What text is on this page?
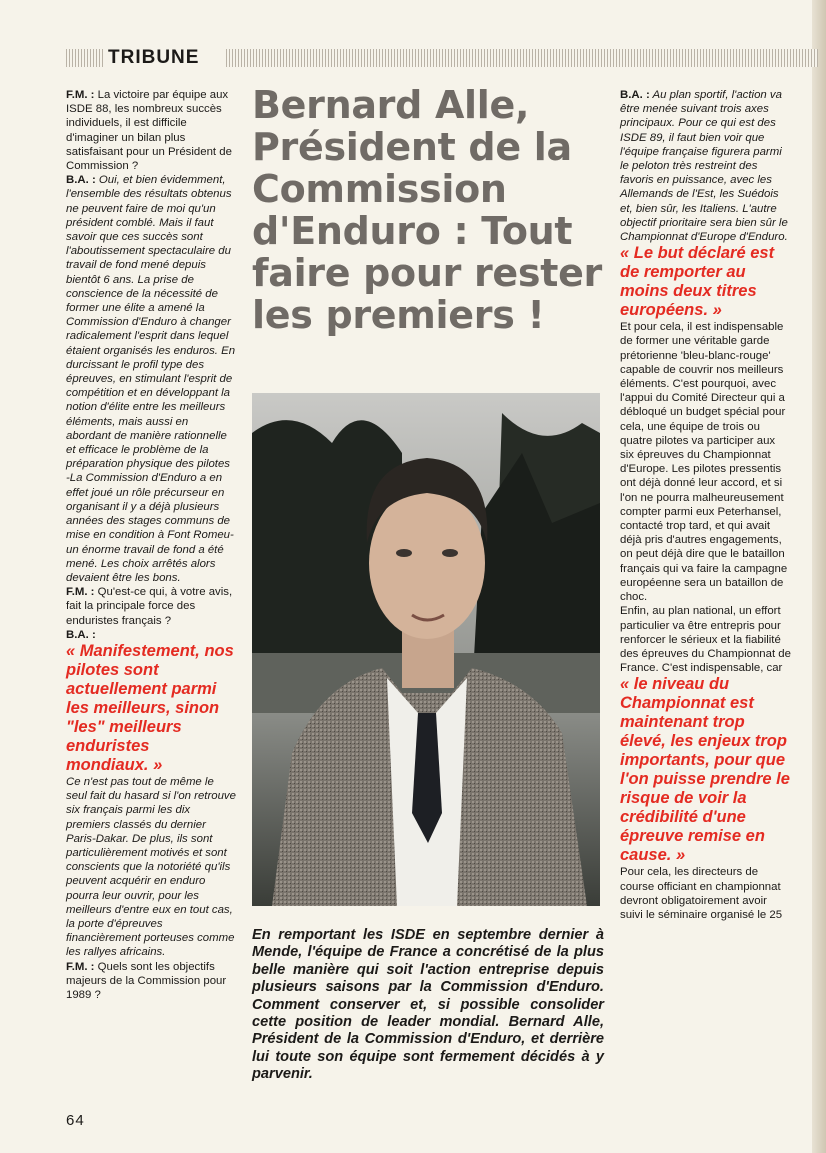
TRIBUNE

F.M. : La victoire par équipe aux ISDE 88, les nombreux succès individuels, il est difficile d'imaginer un bilan plus satisfaisant pour un Président de Commission ?

B.A. : Oui, et bien évidemment, l'ensemble des résultats obtenus ne peuvent faire de moi qu'un président comblé. Mais il faut savoir que ces succès sont l'aboutissement spectaculaire du travail de fond mené depuis bientôt 6 ans. La prise de conscience de la nécessité de former une élite a amené la Commission d'Enduro à changer radicalement l'esprit dans lequel étaient organisés les enduros. En durcissant le profil type des épreuves, en stimulant l'esprit de compétition et en développant la notion d'élite entre les meilleurs éléments, mais aussi en abordant de manière rationnelle et efficace le problème de la préparation physique des pilotes -La Commission d'Enduro a en effet joué un rôle précurseur en organisant il y a déjà plusieurs années des stages communs de mise en condition à Font Romeu- un énorme travail de fond a été mené. Les choix arrêtés alors devaient être les bons.

F.M. : Qu'est-ce qui, à votre avis, fait la principale force des enduristes français ?

B.A. :

« Manifestement, nos pilotes sont actuellement parmi les meilleurs, sinon "les" meilleurs enduristes mondiaux. »

Ce n'est pas tout de même le seul fait du hasard si l'on retrouve six français parmi les dix premiers classés du dernier Paris-Dakar. De plus, ils sont particulièrement motivés et sont conscients que la notoriété qu'ils peuvent acquérir en enduro pourra leur ouvrir, pour les meilleurs d'entre eux en tout cas, la porte d'épreuves financièrement porteuses comme les rallyes africains.

F.M. : Quels sont les objectifs majeurs de la Commission pour 1989 ?

Bernard Alle, Président de la Commission d'Enduro : Tout faire pour rester les premiers !
En remportant les ISDE en septembre dernier à Mende, l'équipe de France a concrétisé de la plus belle manière qui soit l'action entreprise depuis plusieurs saisons par la Commission d'Enduro. Comment conserver et, si possible consolider cette position de leader mondial. Bernard Alle, Président de la Commission d'Enduro, et derrière lui toute son équipe sont fermement décidés à y parvenir.

B.A. : Au plan sportif, l'action va être menée suivant trois axes principaux. Pour ce qui est des ISDE 89, il faut bien voir que l'équipe française figurera parmi le peloton très restreint des favoris en puissance, avec les Allemands de l'Est, les Suédois et, bien sûr, les Italiens. L'autre objectif prioritaire sera bien sûr le Championnat d'Europe d'Enduro.

« Le but déclaré est de remporter au moins deux titres européens. »

Et pour cela, il est indispensable de former une véritable garde prétorienne 'bleu-blanc-rouge' capable de couvrir nos meilleurs éléments. C'est pourquoi, avec l'appui du Comité Directeur qui a débloqué un budget spécial pour cela, une équipe de trois ou quatre pilotes va participer aux six épreuves du Championnat d'Europe. Les pilotes pressentis ont déjà donné leur accord, et si l'on ne pourra malheureusement compter parmi eux Peterhansel, contacté trop tard, et qui avait déjà pris d'autres engagements, on peut déjà dire que le bataillon français qui va faire la campagne européenne sera un bataillon de choc.

Enfin, au plan national, un effort particulier va être entrepris pour renforcer le sérieux et la fiabilité des épreuves du Championnat de France. C'est indispensable, car

« le niveau du Championnat est maintenant trop élevé, les enjeux trop importants, pour que l'on puisse prendre le risque de voir la crédibilité d'une épreuve remise en cause. »

Pour cela, les directeurs de course officiant en championnat devront obligatoirement avoir suivi le séminaire organisé le 25

64
